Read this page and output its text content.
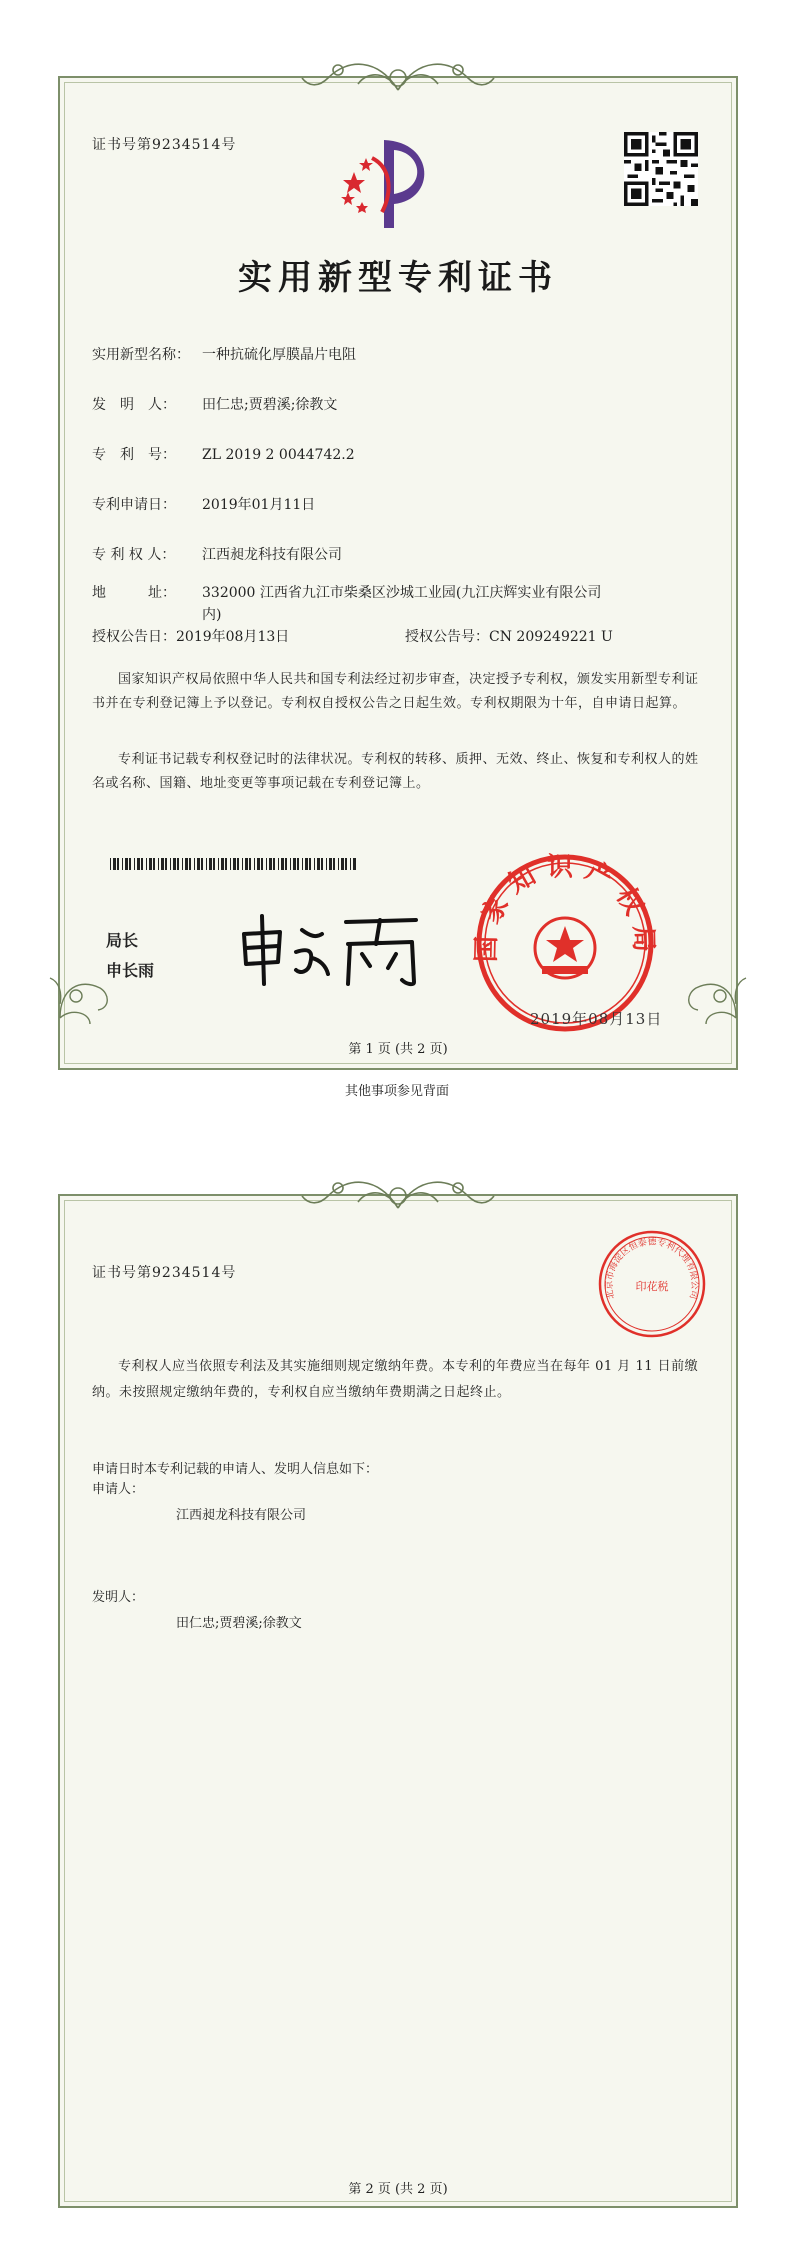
证书号第9234514号
实用新型专利证书
实用新型名称： 一种抗硫化厚膜晶片电阻
发　明　人： 田仁忠;贾碧溪;徐教文
专　利　号： ZL 2019 2 0044742.2
专利申请日： 2019年01月11日
专 利 权 人： 江西昶龙科技有限公司
地　　　址： 332000 江西省九江市柴桑区沙城工业园(九江庆辉实业有限公司内)
授权公告日：2019年08月13日	授权公告号：CN 209249221 U
国家知识产权局依照中华人民共和国专利法经过初步审查，决定授予专利权，颁发实用新型专利证书并在专利登记簿上予以登记。专利权自授权公告之日起生效。专利权期限为十年，自申请日起算。
专利证书记载专利权登记时的法律状况。专利权的转移、质押、无效、终止、恢复和专利权人的姓名或名称、国籍、地址变更等事项记载在专利登记簿上。
局长
申长雨
国家知识产权局
2019年08月13日
第 1 页 (共 2 页)
其他事项参见背面
证书号第9234514号
北京市海淀区恒泰德专利代理有限公司
印花税
专利权人应当依照专利法及其实施细则规定缴纳年费。本专利的年费应当在每年 01 月 11 日前缴纳。未按照规定缴纳年费的，专利权自应当缴纳年费期满之日起终止。
申请日时本专利记载的申请人、发明人信息如下：
申请人：
江西昶龙科技有限公司
发明人：
田仁忠;贾碧溪;徐教文
第 2 页 (共 2 页)
